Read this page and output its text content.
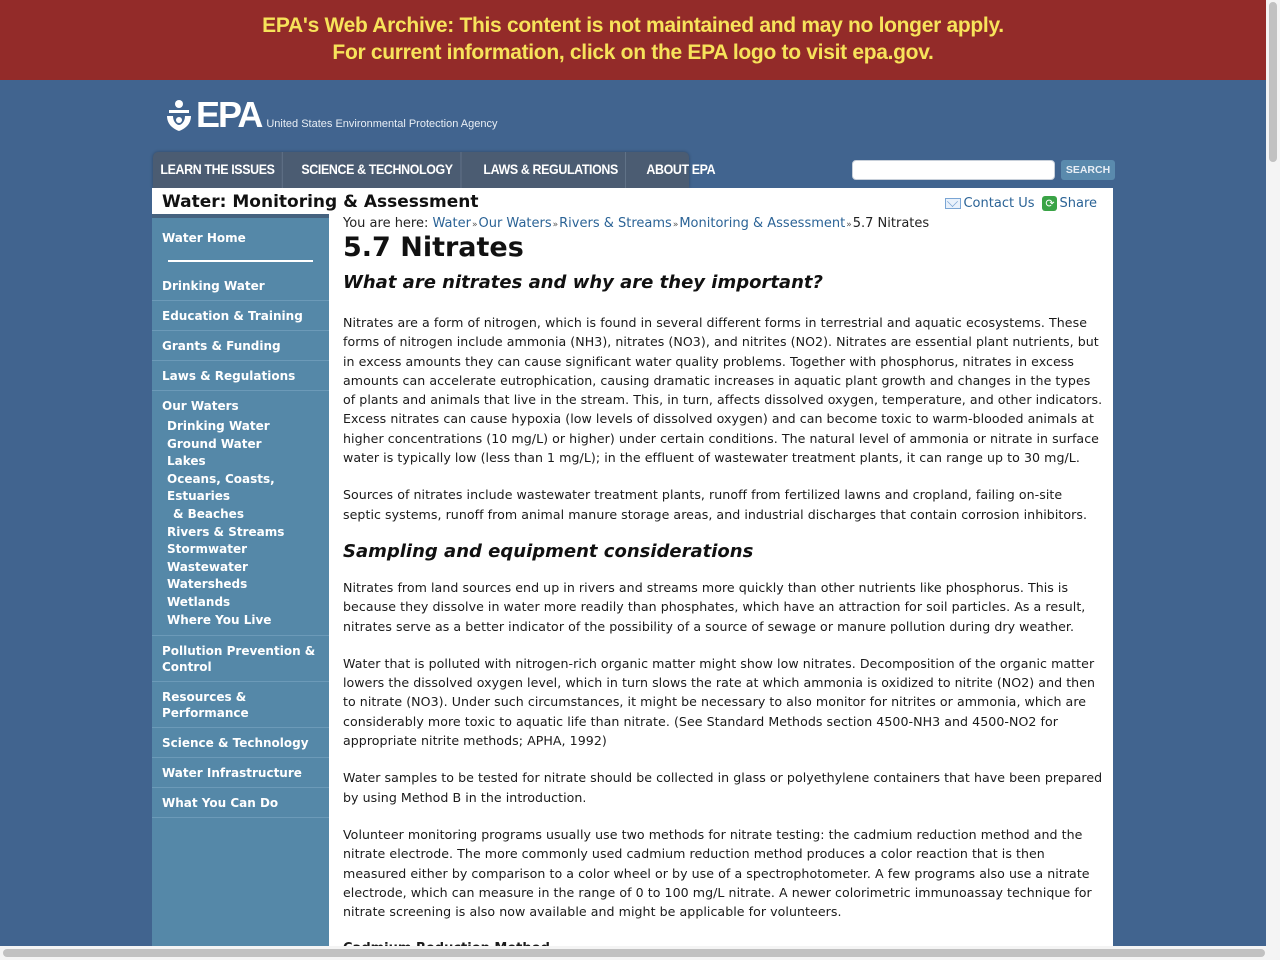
EPA's Web Archive: This content is not maintained and may no longer apply.
For current information, click on the EPA logo to visit epa.gov.
EPA United States Environmental Protection Agency
LEARN THE ISSUES	SCIENCE & TECHNOLOGY	LAWS & REGULATIONS	ABOUT EPA	SEARCH
Water: Monitoring & Assessment	Contact Us ⟳ Share
Water Home
Drinking Water
Education & Training
Grants & Funding
Laws & Regulations
Our Waters
Drinking Water
Ground Water
Lakes
Oceans, Coasts, Estuaries
& Beaches
Rivers & Streams
Stormwater
Wastewater
Watersheds
Wetlands
Where You Live
Pollution Prevention & Control
Resources & Performance
Science & Technology
Water Infrastructure
What You Can Do
You are here: Water»Our Waters»Rivers & Streams»Monitoring & Assessment»5.7 Nitrates
5.7 Nitrates
What are nitrates and why are they important?

Nitrates are a form of nitrogen, which is found in several different forms in terrestrial and aquatic ecosystems. These forms of nitrogen include ammonia (NH3), nitrates (NO3), and nitrites (NO2). Nitrates are essential plant nutrients, but in excess amounts they can cause significant water quality problems. Together with phosphorus, nitrates in excess amounts can accelerate eutrophication, causing dramatic increases in aquatic plant growth and changes in the types of plants and animals that live in the stream. This, in turn, affects dissolved oxygen, temperature, and other indicators. Excess nitrates can cause hypoxia (low levels of dissolved oxygen) and can become toxic to warm-blooded animals at higher concentrations (10 mg/L) or higher) under certain conditions. The natural level of ammonia or nitrate in surface water is typically low (less than 1 mg/L); in the effluent of wastewater treatment plants, it can range up to 30 mg/L.

Sources of nitrates include wastewater treatment plants, runoff from fertilized lawns and cropland, failing on-site septic systems, runoff from animal manure storage areas, and industrial discharges that contain corrosion inhibitors.

Sampling and equipment considerations

Nitrates from land sources end up in rivers and streams more quickly than other nutrients like phosphorus. This is because they dissolve in water more readily than phosphates, which have an attraction for soil particles. As a result, nitrates serve as a better indicator of the possibility of a source of sewage or manure pollution during dry weather.

Water that is polluted with nitrogen-rich organic matter might show low nitrates. Decomposition of the organic matter lowers the dissolved oxygen level, which in turn slows the rate at which ammonia is oxidized to nitrite (NO2) and then to nitrate (NO3). Under such circumstances, it might be necessary to also monitor for nitrites or ammonia, which are considerably more toxic to aquatic life than nitrate. (See Standard Methods section 4500-NH3 and 4500-NO2 for appropriate nitrite methods; APHA, 1992)

Water samples to be tested for nitrate should be collected in glass or polyethylene containers that have been prepared by using Method B in the introduction.

Volunteer monitoring programs usually use two methods for nitrate testing: the cadmium reduction method and the nitrate electrode. The more commonly used cadmium reduction method produces a color reaction that is then measured either by comparison to a color wheel or by use of a spectrophotometer. A few programs also use a nitrate electrode, which can measure in the range of 0 to 100 mg/L nitrate. A newer colorimetric immunoassay technique for nitrate screening is also now available and might be applicable for volunteers.
